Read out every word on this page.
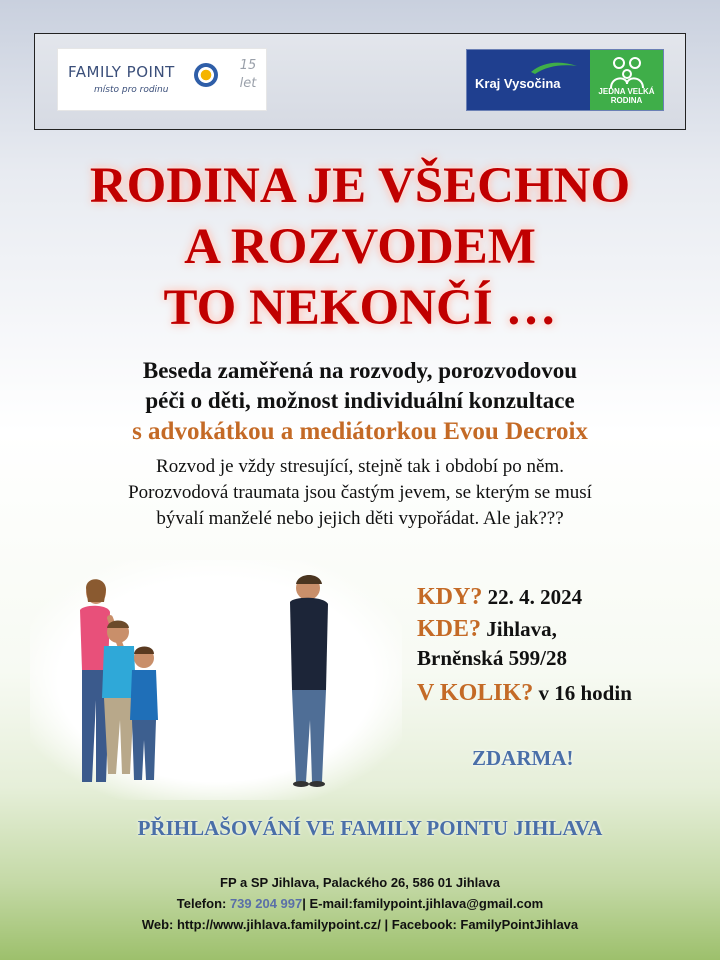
FAMILY POINT
místo pro rodinu
15
let	Kraj Vysočina
JEDNA VELKÁ RODINA
RODINA JE VŠECHNO
A ROZVODEM
TO NEKONČÍ …
Beseda zaměřená na rozvody, porozvodovou
péči o děti, možnost individuální konzultace
s advokátkou a mediátorkou Evou Decroix
Rozvod je vždy stresující, stejně tak i období po něm.
Porozvodová traumata jsou častým jevem, se kterým se musí
bývalí manželé nebo jejich děti vypořádat. Ale jak???
KDY? 22. 4. 2024
KDE? Jihlava,
Brněnská 599/28
V KOLIK? v 16 hodin
ZDARMA!
PŘIHLAŠOVÁNÍ VE FAMILY POINTU JIHLAVA
FP a SP Jihlava, Palackého 26, 586 01 Jihlava
Telefon: 739 204 997| E-mail:familypoint.jihlava@gmail.com
Web: http://www.jihlava.familypoint.cz/ | Facebook: FamilyPointJihlava
